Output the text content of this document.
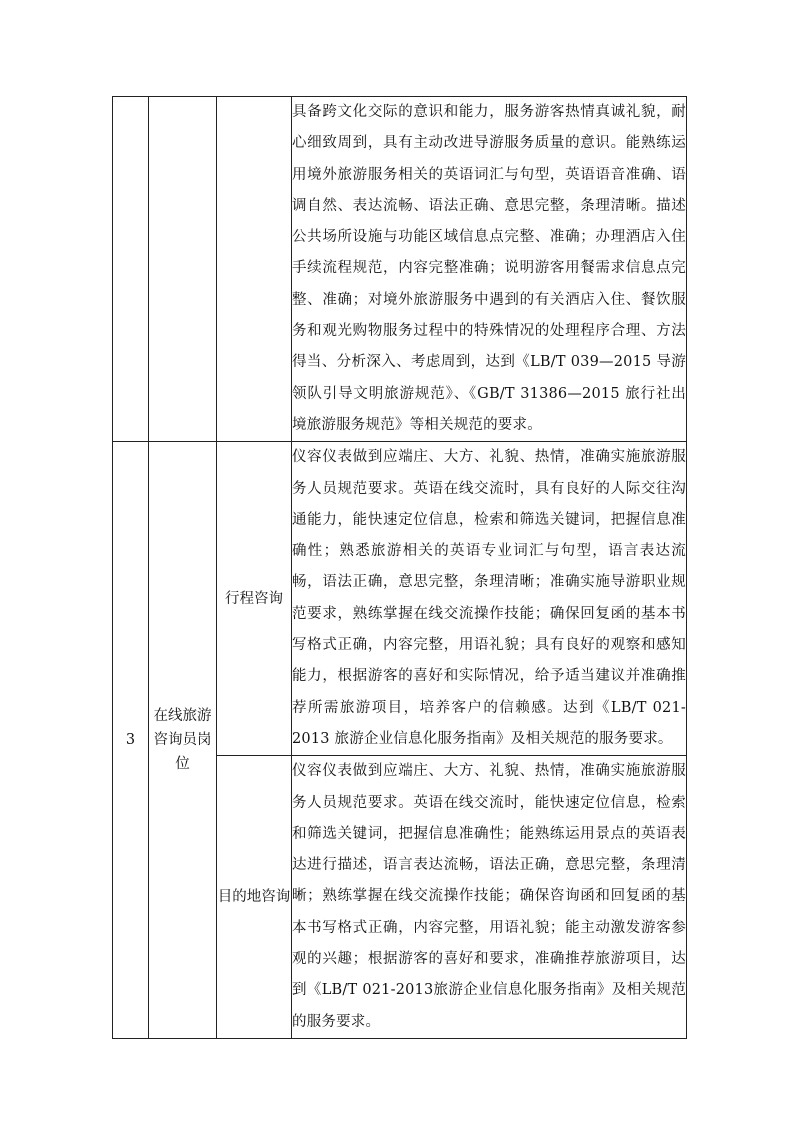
			具备跨文化交际的意识和能力，服务游客热情真诚礼貌，耐心细致周到，具有主动改进导游服务质量的意识。能熟练运用境外旅游服务相关的英语词汇与句型，英语语音准确、语调自然、表达流畅、语法正确、意思完整，条理清晰。描述公共场所设施与功能区域信息点完整、准确；办理酒店入住手续流程规范，内容完整准确；说明游客用餐需求信息点完整、准确；对境外旅游服务中遇到的有关酒店入住、餐饮服务和观光购物服务过程中的特殊情况的处理程序合理、方法得当、分析深入、考虑周到，达到《LB/T 039—2015 导游领队引导文明旅游规范》、《GB/T 31386—2015 旅行社出境旅游服务规范》等相关规范的要求。
3	在线旅游咨询员岗位	行程咨询	仪容仪表做到应端庄、大方、礼貌、热情，准确实施旅游服务人员规范要求。英语在线交流时，具有良好的人际交往沟通能力，能快速定位信息，检索和筛选关键词，把握信息准确性；熟悉旅游相关的英语专业词汇与句型，语言表达流畅，语法正确，意思完整，条理清晰；准确实施导游职业规范要求，熟练掌握在线交流操作技能；确保回复函的基本书写格式正确，内容完整，用语礼貌；具有良好的观察和感知能力，根据游客的喜好和实际情况，给予适当建议并准确推荐所需旅游项目，培养客户的信赖感。达到《LB/T 021-2013 旅游企业信息化服务指南》及相关规范的服务要求。
		目的地咨询	仪容仪表做到应端庄、大方、礼貌、热情，准确实施旅游服务人员规范要求。英语在线交流时，能快速定位信息，检索和筛选关键词，把握信息准确性；能熟练运用景点的英语表达进行描述，语言表达流畅，语法正确，意思完整，条理清晰；熟练掌握在线交流操作技能；确保咨询函和回复函的基本书写格式正确，内容完整，用语礼貌；能主动激发游客参观的兴趣；根据游客的喜好和要求，准确推荐旅游项目，达到《LB/T 021-2013旅游企业信息化服务指南》及相关规范的服务要求。
